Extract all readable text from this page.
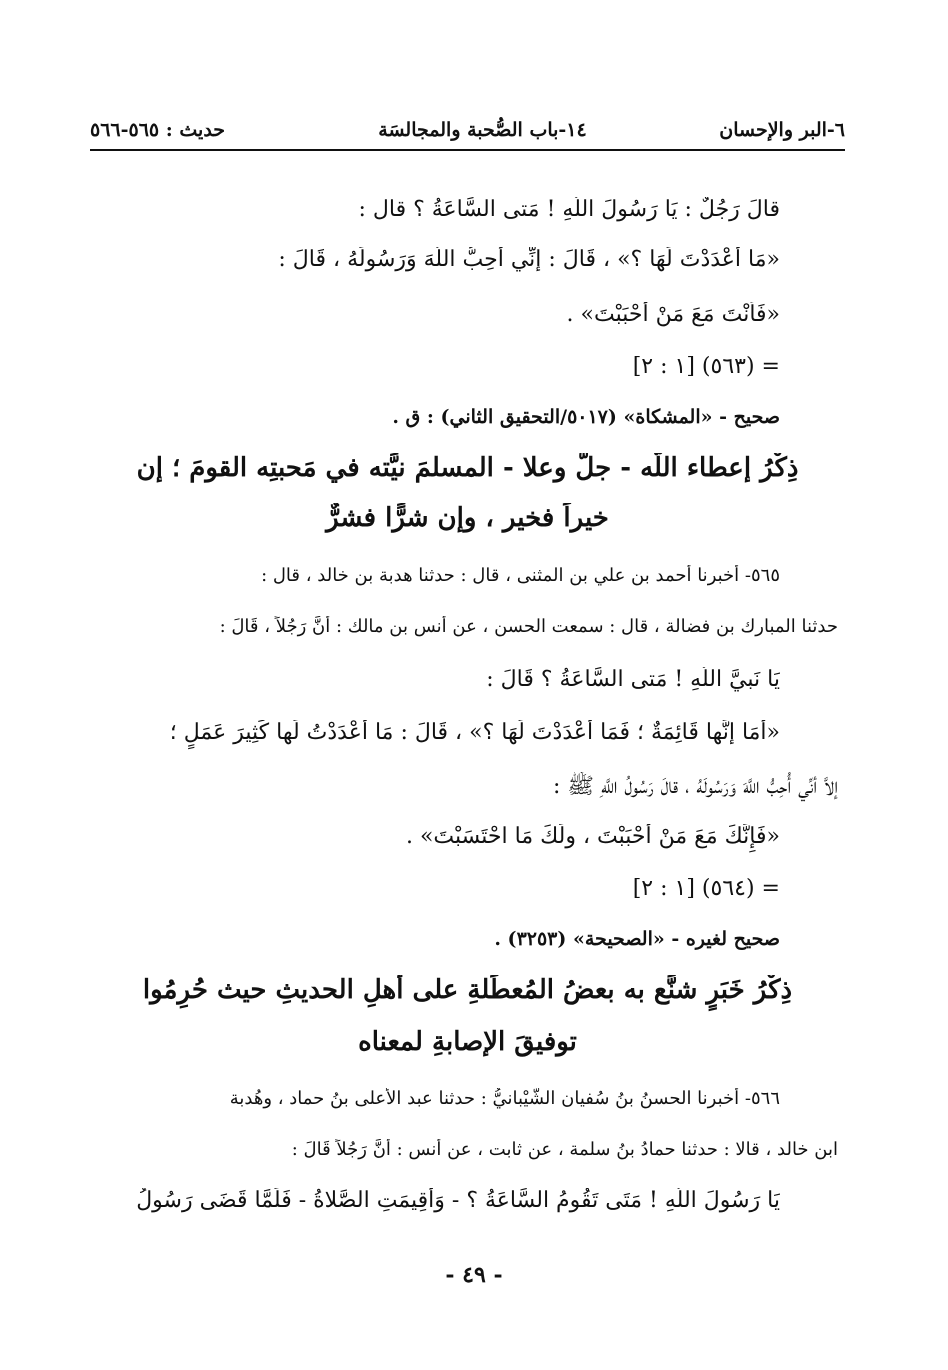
٦-البر والإحسان
١٤-باب الصُّحبة والمجالسَة
حديث : ٥٦٥-٥٦٦
قالَ رَجُلٌ : يَا رَسُولَ اللَّهِ ! مَتى السَّاعَةُ ؟ قال :
«مَا أَعْدَدْتَ لَهَا ؟» ، قَالَ : إنِّي أُحِبُّ اللَّهَ وَرَسُولَهُ ، قَالَ :
«فَأَنْتَ مَعَ مَنْ أَحْبَبْتَ» .
= (٥٦٣) [١ : ٢]
صحيح - «المشكاة» (٥٠١٧/التحقيق الثاني) : ق .
ذِكْرُ إعطاء اللَّه - جلَّ وعلا - المسلمَ نيَّته في مَحبتِه القومَ ؛ إن
خيراً فخير ، وإن شرًّا فشرٌّ
٥٦٥- أخبرنا أحمد بن علي بن المثنى ، قال : حدثنا هدبة بن خالد ، قال :
حدثنا المبارك بن فضالة ، قال : سمعت الحسن ، عن أنس بن مالك : أنَّ رَجُلاً ، قَالَ :
يَا نَبيَّ اللَّهِ ! مَتى السَّاعَةُ ؟ قَالَ :
«أَمَا إنَّها قَائِمَةٌ ؛ فَمَا أَعْدَدْتَ لَهَا ؟» ، قَالَ : مَا أَعْدَدْتُ لَها كَثِيرَ عَمَلٍ ؛
إلاَّ أنِّي أُحِبُّ اللَّهَ وَرَسُولَهُ ، قالَ رَسُولُ اللَّهِ ﷺ :
«فَإِنَّكَ مَعَ مَنْ أَحْبَبْتَ ، ولَكَ مَا احْتَسَبْتَ» .
= (٥٦٤) [١ : ٢]
صحيح لغيره - «الصحيحة» (٣٢٥٣) .
ذِكْرُ خَبَرٍ شنَّع به بعضُ المُعطِّلةِ على أهلِ الحديثِ حيث حُرِمُوا
توفيقَ الإصابةِ لمعناه
٥٦٦- أخبرنا الحسنُ بنُ سُفيان الشَّيْبانيُّ : حدثنا عبد الأعلى بنُ حماد ، وهُدبة
ابن خالد ، قالا : حدثنا حمادُ بنُ سلمة ، عن ثابت ، عن أنس : أنَّ رَجُلاً قَالَ :
يَا رَسُولَ اللَّهِ ! مَتَى تَقُومُ السَّاعَةُ ؟ - وَأُقِيمَتِ الصَّلاةُ - فَلَمَّا قَضَى رَسُولُ
- ٤٩ -
